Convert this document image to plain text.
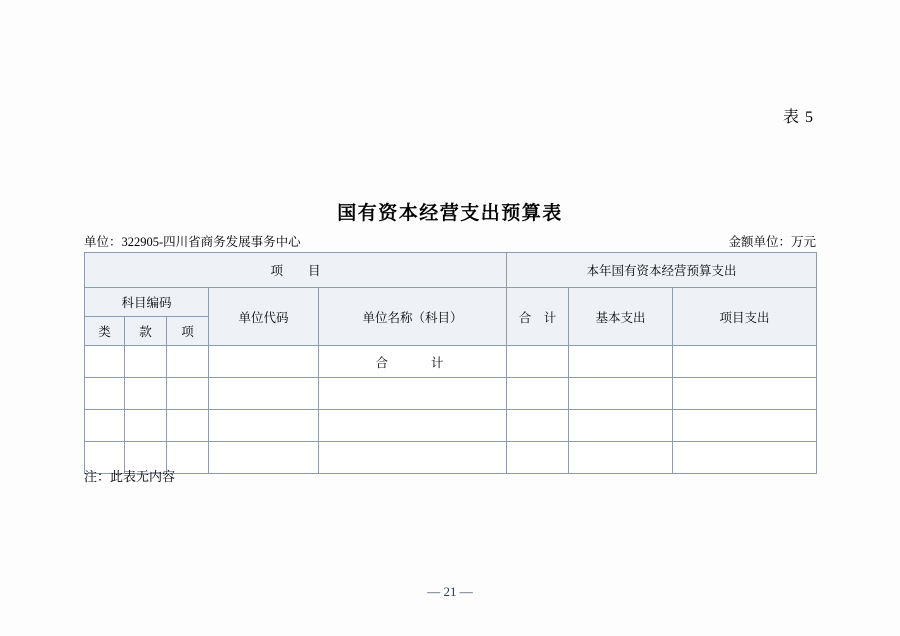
表 5
国有资本经营支出预算表
单位：322905-四川省商务发展事务中心	金额单位：万元
项　　目					本年国有资本经营预算支出		
科目编码			单位代码	单位名称（科目）	合　计	基本支出	项目支出
类	款	项					
				合　　计			

注：此表无内容
— 21 —
